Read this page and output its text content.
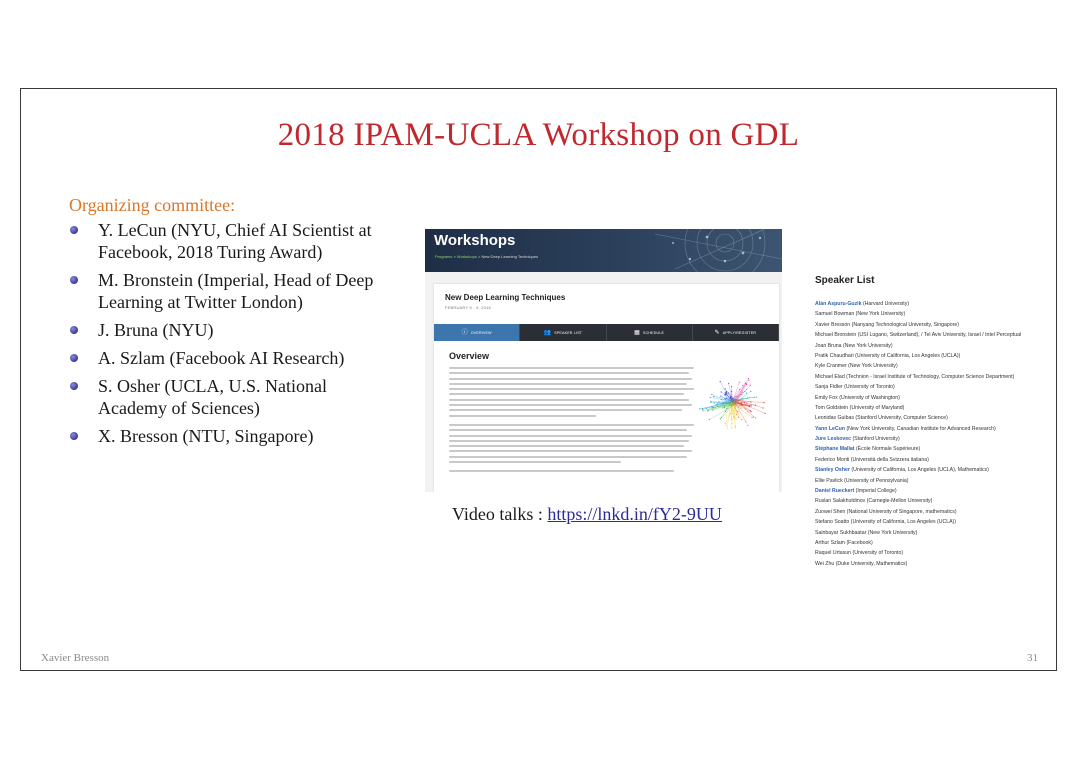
2018 IPAM-UCLA Workshop on GDL
Organizing committee:
Y. LeCun (NYU, Chief AI Scientist at Facebook, 2018 Turing Award)
M. Bronstein (Imperial, Head of Deep Learning at Twitter London)
J. Bruna (NYU)
A. Szlam (Facebook AI Research)
S. Osher (UCLA, U.S. National Academy of Sciences)
X. Bresson (NTU, Singapore)
Workshops
Programs > Workshops > New Deep Learning Techniques
New Deep Learning Techniques
FEBRUARY 5 - 9, 2018
ⓘ OVERVIEW	👥 SPEAKER LIST	▦ SCHEDULE	✎ APPLY/REGISTER
Overview
Video talks : https://lnkd.in/fY2-9UU
Speaker List
Alán Aspuru-Guzik (Harvard University)
Samuel Bowman (New York University)
Xavier Bresson (Nanyang Technological University, Singapore)
Michael Bronstein (USI Lugano, Switzerland), / Tel Aviv University, Israel / Intel Perceptual
Joan Bruna (New York University)
Pratik Chaudhari (University of California, Los Angeles (UCLA))
Kyle Cranmer (New York University)
Michael Elad (Technion - Israel Institute of Technology, Computer Science Department)
Sanja Fidler (University of Toronto)
Emily Fox (University of Washington)
Tom Goldstein (University of Maryland)
Leonidas Guibas (Stanford University, Computer Science)
Yann LeCun (New York University, Canadian Institute for Advanced Research)
Jure Leskovec (Stanford University)
Stéphane Mallat (École Normale Supérieure)
Federico Monti (Università della Svizzera italiana)
Stanley Osher (University of California, Los Angeles (UCLA), Mathematics)
Ellie Pavlick (University of Pennsylvania)
Daniel Rueckert (Imperial College)
Ruslan Salakhutdinov (Carnegie-Mellon University)
Zuowei Shen (National University of Singapore, mathematics)
Stefano Soatto (University of California, Los Angeles (UCLA))
Sainbayar Sukhbaatar (New York University)
Arthur Szlam (Facebook)
Raquel Urtasun (University of Toronto)
Wei Zhu (Duke University, Mathematics)
Xavier Bresson	31
